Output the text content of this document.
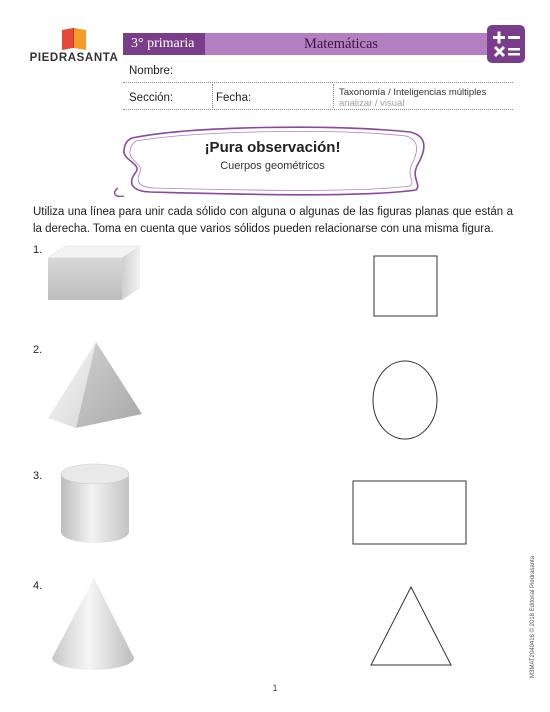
PIEDRASANTA
3° primaria	Matemáticas
Nombre:
Sección:	Fecha:	Taxonomía / Inteligencias múltiples
analizar / visual
¡Pura observación!
Cuerpos geométricos

Utiliza una línea para unir cada sólido con alguna o algunas de las figuras planas que están a la derecha. Toma en cuenta que varios sólidos pueden relacionarse con una misma figura.

1.
2.
3.
4.	M3MAT2040416 © 2018 Editorial Piedrasanta
1
